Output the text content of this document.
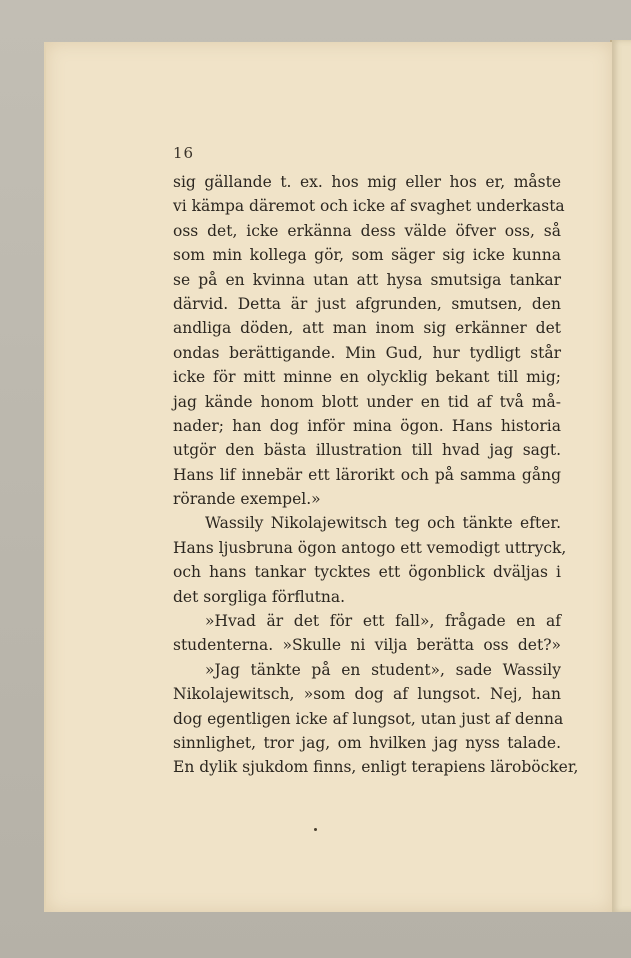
16
sig gällande t. ex. hos mig eller hos er, måste
vi kämpa däremot och icke af svaghet underkasta
oss det, icke erkänna dess välde öfver oss, så
som min kollega gör, som säger sig icke kunna
se på en kvinna utan att hysa smutsiga tankar
därvid. Detta är just afgrunden, smutsen, den
andliga döden, att man inom sig erkänner det
ondas berättigande. Min Gud, hur tydligt står
icke för mitt minne en olycklig bekant till mig;
jag kände honom blott under en tid af två må-
nader; han dog inför mina ögon. Hans historia
utgör den bästa illustration till hvad jag sagt.
Hans lif innebär ett lärorikt och på samma gång
rörande exempel.»
Wassily Nikolajewitsch teg och tänkte efter.
Hans ljusbruna ögon antogo ett vemodigt uttryck,
och hans tankar tycktes ett ögonblick dväljas i
det sorgliga förflutna.
»Hvad är det för ett fall», frågade en af
studenterna. »Skulle ni vilja berätta oss det?»
»Jag tänkte på en student», sade Wassily
Nikolajewitsch, »som dog af lungsot. Nej, han
dog egentligen icke af lungsot, utan just af denna
sinnlighet, tror jag, om hvilken jag nyss talade.
En dylik sjukdom finns, enligt terapiens läroböcker,
